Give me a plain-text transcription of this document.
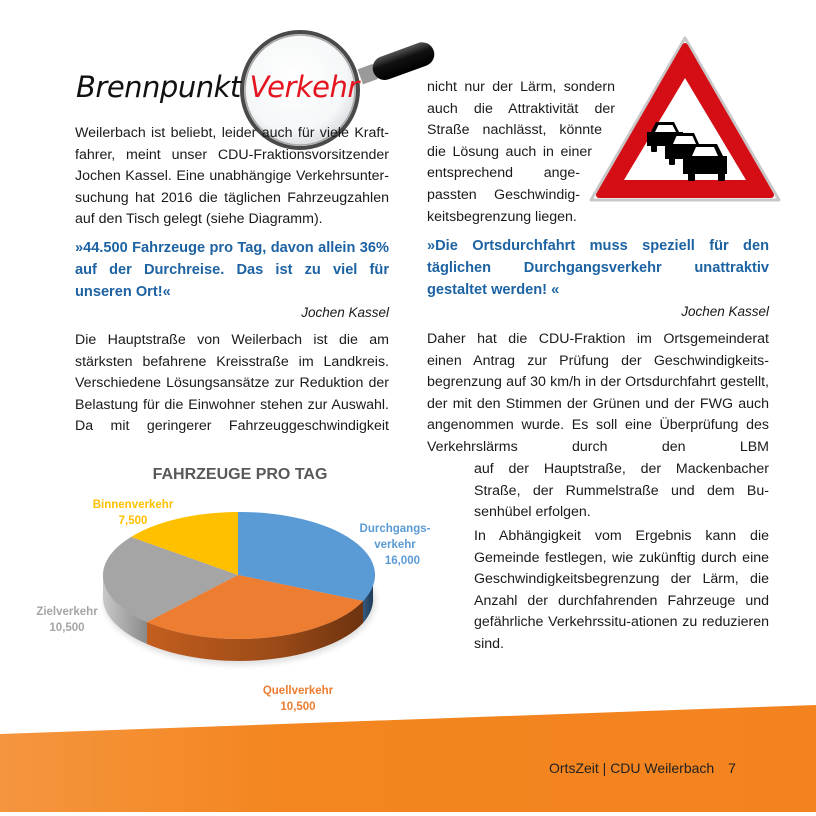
Brennpunkt Verkehr
Weilerbach ist beliebt, leider auch für viele Kraft-
fahrer, meint unser CDU-Fraktionsvorsitzender
Jochen Kassel. Eine unabhängige Verkehrsunter-
suchung hat 2016 die täglichen Fahrzeugzahlen
auf den Tisch gelegt (siehe Diagramm).

»44.500 Fahrzeuge pro Tag, davon allein 36% auf der Durchreise. Das ist zu viel für unseren Ort!«

Jochen Kassel

Die Hauptstraße von Weilerbach ist die am stärksten befahrene Kreisstraße im Landkreis. Verschiedene Lösungsansätze zur Reduktion der Belastung für die Einwohner stehen zur Auswahl. Da mit geringerer Fahrzeuggeschwindigkeit

nicht nur der Lärm, sondern
auch die Attraktivität der
Straße nachlässt, könnte
die Lösung auch in einer
entsprechend ange-
passten Geschwindig-
keitsbegrenzung liegen.

»Die Ortsdurchfahrt muss speziell für den täglichen Durchgangsverkehr unattraktiv gestaltet werden! «

Jochen Kassel

Daher hat die CDU-Fraktion im Ortsgemeinderat einen Antrag zur Prüfung der Geschwindigkeits-begrenzung auf 30 km/h in der Ortsdurchfahrt gestellt, der mit den Stimmen der Grünen und der FWG auch angenommen wurde. Es soll eine Überprüfung des Verkehrslärms durch den LBM

auf der Hauptstraße, der Mackenbacher Straße, der Rummelstraße und dem Bu-senhübel erfolgen.

In Abhängigkeit vom Ergebnis kann die Gemeinde festlegen, wie zukünftig durch eine Geschwindigkeitsbegrenzung der Lärm, die Anzahl der durchfahrenden Fahrzeuge und gefährliche Verkehrssitu-ationen zu reduzieren sind.

FAHRZEUGE PRO TAG
Binnenverkehr
7,500
Durchgangs-
verkehr
16,000
Zielverkehr
10,500
Quellverkehr
10,500
OrtsZeit | CDU Weilerbach 7
